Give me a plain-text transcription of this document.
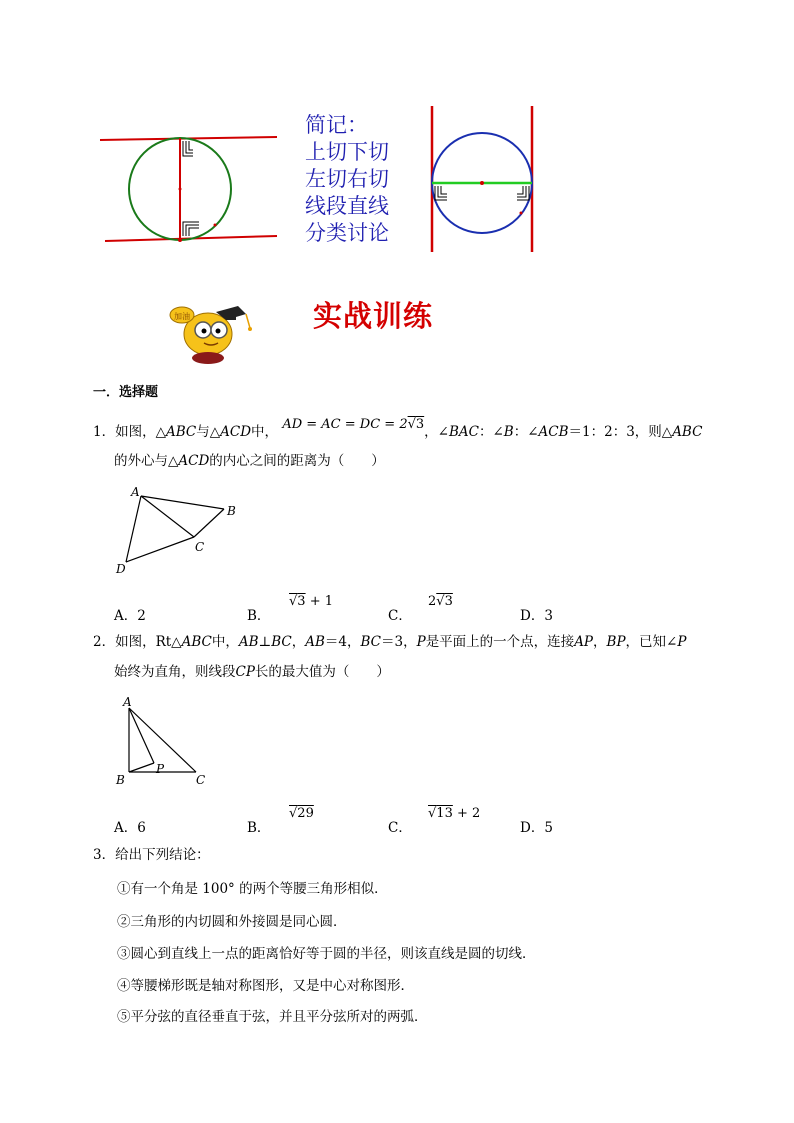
简记：
上切下切
左切右切
线段直线
分类讨论
加油	实战训练
一．选择题
1．如图，△ABC与△ACD中， AD = AC = DC = 2√3，∠BAC：∠B：∠ACB＝1：2：3，则△ABC
的外心与△ACD的内心之间的距离为（　　）
A
B
C
D
A．2	B．
√3 + 1
C．
2√3
D．3
2．如图，Rt△ABC中，AB⊥BC，AB＝4，BC＝3，P是平面上的一个点，连接AP，BP，已知∠P
始终为直角，则线段CP长的最大值为（　　）
A
B	C
P
A．6	B．
√29
C．
√13 + 2
D．5
3．给出下列结论：
①有一个角是 100° 的两个等腰三角形相似．
②三角形的内切圆和外接圆是同心圆．
③圆心到直线上一点的距离恰好等于圆的半径，则该直线是圆的切线．
④等腰梯形既是轴对称图形，又是中心对称图形．
⑤平分弦的直径垂直于弦，并且平分弦所对的两弧．
